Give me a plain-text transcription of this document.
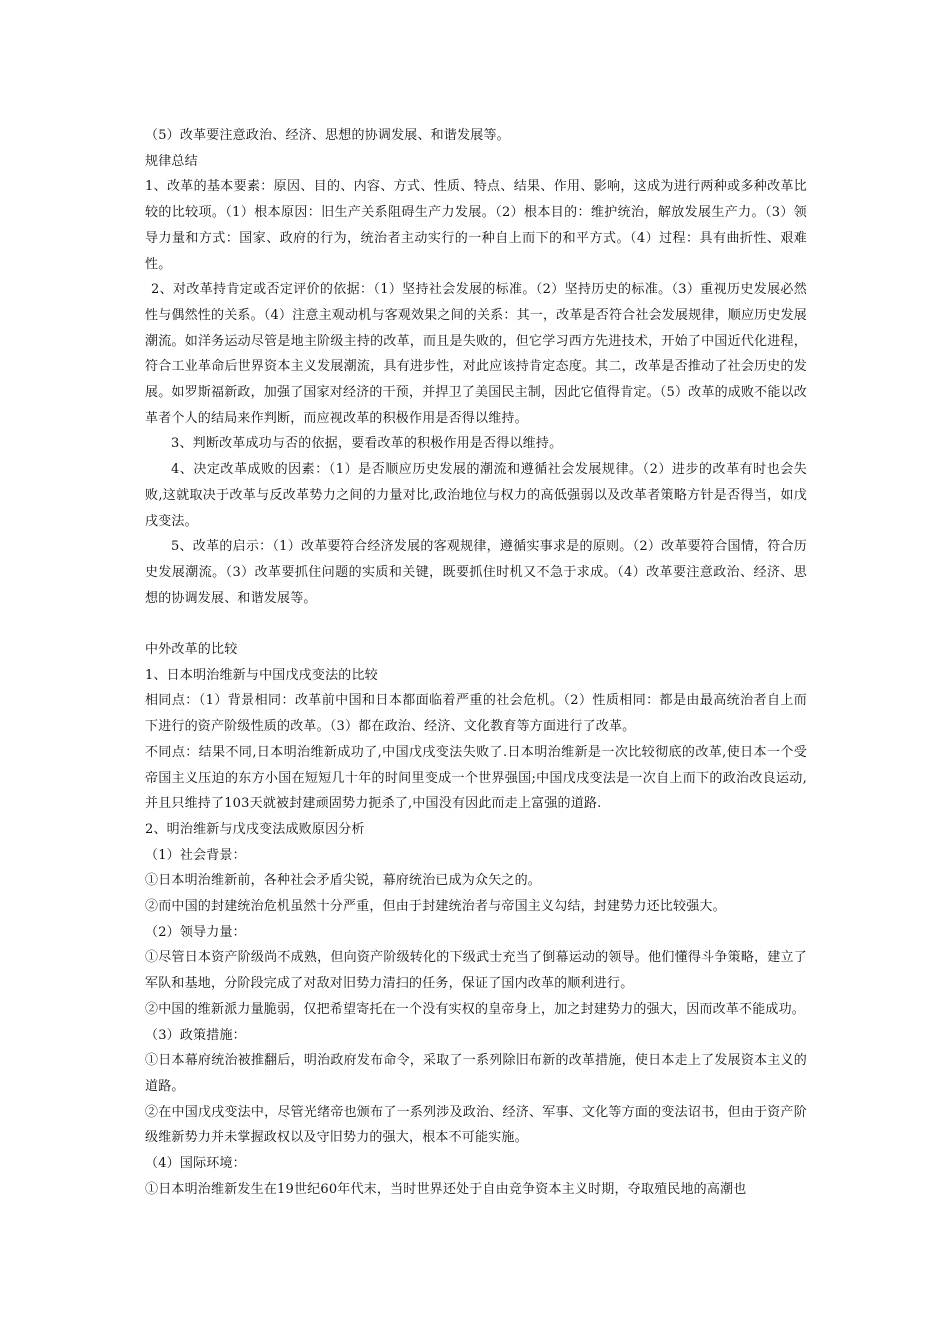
（5）改革要注意政治、经济、思想的协调发展、和谐发展等。

规律总结

1、改革的基本要素：原因、目的、内容、方式、性质、特点、结果、作用、影响，这成为进行两种或多种改革比较的比较项。（1）根本原因：旧生产关系阻碍生产力发展。（2）根本目的：维护统治，解放发展生产力。（3）领导力量和方式：国家、政府的行为，统治者主动实行的一种自上而下的和平方式。（4）过程：具有曲折性、艰难性。

2、对改革持肯定或否定评价的依据：（1）坚持社会发展的标准。（2）坚持历史的标准。（3）重视历史发展必然性与偶然性的关系。（4）注意主观动机与客观效果之间的关系：其一，改革是否符合社会发展规律，顺应历史发展潮流。如洋务运动尽管是地主阶级主持的改革，而且是失败的，但它学习西方先进技术，开始了中国近代化进程，符合工业革命后世界资本主义发展潮流，具有进步性，对此应该持肯定态度。其二，改革是否推动了社会历史的发展。如罗斯福新政，加强了国家对经济的干预，并捍卫了美国民主制，因此它值得肯定。（5）改革的成败不能以改革者个人的结局来作判断，而应视改革的积极作用是否得以维持。

3、判断改革成功与否的依据，要看改革的积极作用是否得以维持。

4、决定改革成败的因素：（1）是否顺应历史发展的潮流和遵循社会发展规律。（2）进步的改革有时也会失败,这就取决于改革与反改革势力之间的力量对比,政治地位与权力的高低强弱以及改革者策略方针是否得当，如戊戌变法。

5、改革的启示：（1）改革要符合经济发展的客观规律，遵循实事求是的原则。（2）改革要符合国情，符合历史发展潮流。（3）改革要抓住问题的实质和关键，既要抓住时机又不急于求成。（4）改革要注意政治、经济、思想的协调发展、和谐发展等。

中外改革的比较

1、日本明治维新与中国戊戌变法的比较

相同点：（1）背景相同：改革前中国和日本都面临着严重的社会危机。（2）性质相同：都是由最高统治者自上而下进行的资产阶级性质的改革。（3）都在政治、经济、文化教育等方面进行了改革。

不同点：结果不同,日本明治维新成功了,中国戊戌变法失败了.日本明治维新是一次比较彻底的改革,使日本一个受帝国主义压迫的东方小国在短短几十年的时间里变成一个世界强国;中国戊戌变法是一次自上而下的政治改良运动,并且只维持了103天就被封建顽固势力扼杀了,中国没有因此而走上富强的道路.

2、明治维新与戊戌变法成败原因分析

（1）社会背景：

①日本明治维新前，各种社会矛盾尖锐，幕府统治已成为众矢之的。

②而中国的封建统治危机虽然十分严重，但由于封建统治者与帝国主义勾结，封建势力还比较强大。

（2）领导力量：

①尽管日本资产阶级尚不成熟，但向资产阶级转化的下级武士充当了倒幕运动的领导。他们懂得斗争策略，建立了军队和基地，分阶段完成了对敌对旧势力清扫的任务，保证了国内改革的顺利进行。

②中国的维新派力量脆弱，仅把希望寄托在一个没有实权的皇帝身上，加之封建势力的强大，因而改革不能成功。

（3）政策措施：

①日本幕府统治被推翻后，明治政府发布命令，采取了一系列除旧布新的改革措施，使日本走上了发展资本主义的道路。

②在中国戊戌变法中，尽管光绪帝也颁布了一系列涉及政治、经济、军事、文化等方面的变法诏书，但由于资产阶级维新势力并未掌握政权以及守旧势力的强大，根本不可能实施。

（4）国际环境：

①日本明治维新发生在19世纪60年代末，当时世界还处于自由竞争资本主义时期，夺取殖民地的高潮也
